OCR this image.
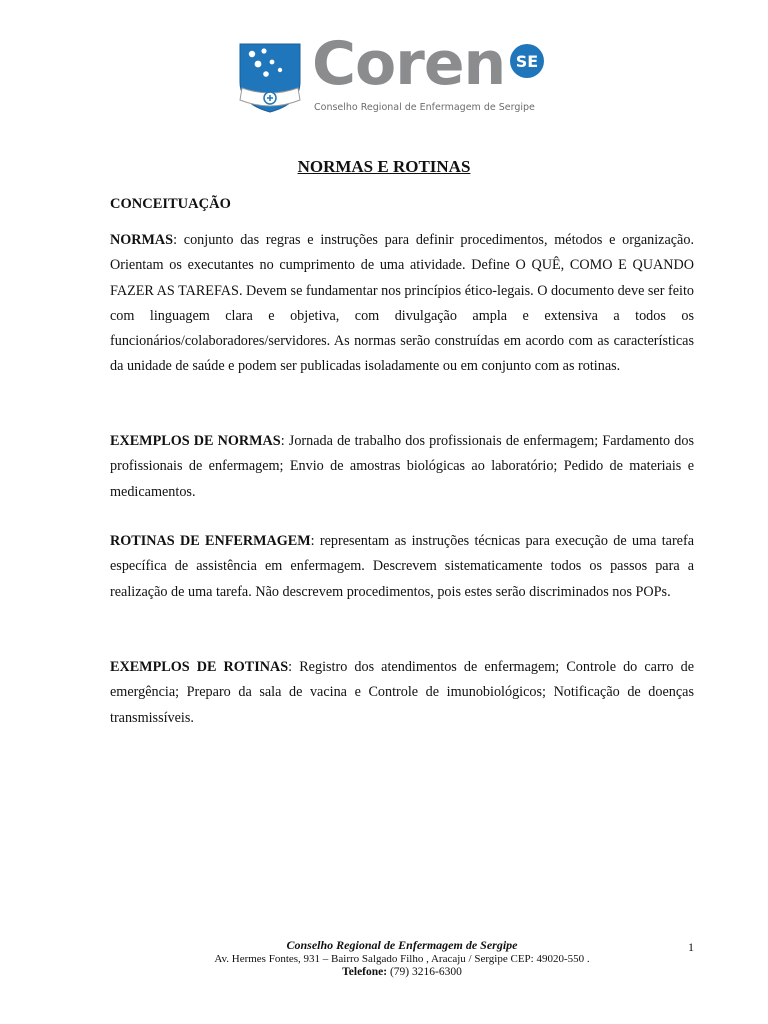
Coren SE
Conselho Regional de Enfermagem de Sergipe
NORMAS E ROTINAS
CONCEITUAÇÃO

NORMAS: conjunto das regras e instruções para definir procedimentos, métodos e organização. Orientam os executantes no cumprimento de uma atividade. Define O QUÊ, COMO E QUANDO FAZER AS TAREFAS. Devem se fundamentar nos princípios ético-legais. O documento deve ser feito com linguagem clara e objetiva, com divulgação ampla e extensiva a todos os funcionários/colaboradores/servidores. As normas serão construídas em acordo com as características da unidade de saúde e podem ser publicadas isoladamente ou em conjunto com as rotinas.

EXEMPLOS DE NORMAS: Jornada de trabalho dos profissionais de enfermagem; Fardamento dos profissionais de enfermagem; Envio de amostras biológicas ao laboratório; Pedido de materiais e medicamentos.

ROTINAS DE ENFERMAGEM: representam as instruções técnicas para execução de uma tarefa específica de assistência em enfermagem. Descrevem sistematicamente todos os passos para a realização de uma tarefa. Não descrevem procedimentos, pois estes serão discriminados nos POPs.

EXEMPLOS DE ROTINAS: Registro dos atendimentos de enfermagem; Controle do carro de emergência; Preparo da sala de vacina e Controle de imunobiológicos; Notificação de doenças transmissíveis.

Conselho Regional de Enfermagem de Sergipe
Av. Hermes Fontes, 931 – Bairro Salgado Filho , Aracaju / Sergipe CEP: 49020-550 .
Telefone: (79) 3216-6300
1
